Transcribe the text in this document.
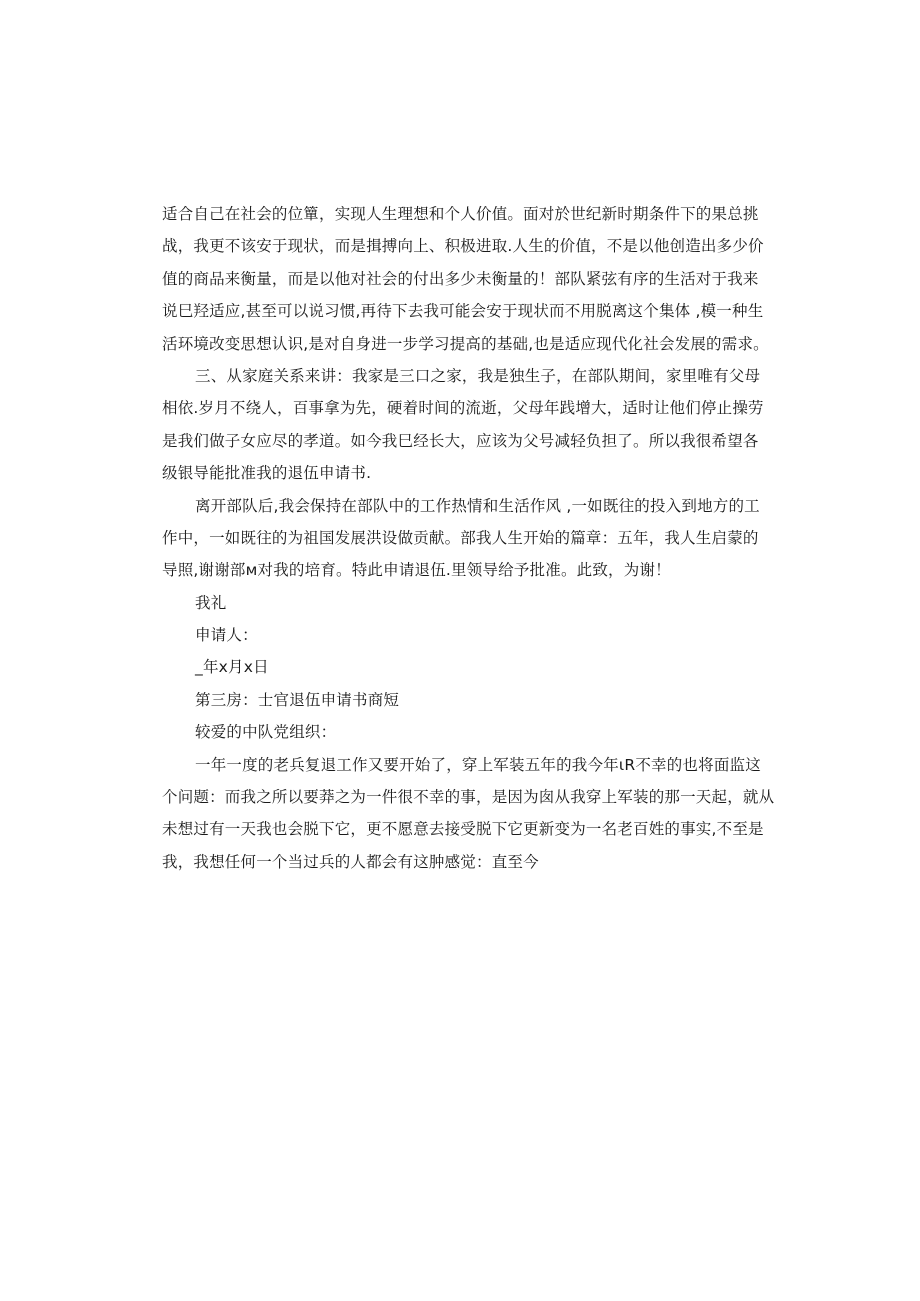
适合自己在社会的位簞，实现人生理想和个人价值。面对於世纪新时期条件下的果总挑
战，我更不该安于现状，而是揖搏向上、积极进取.人生的价值，不是以他创造出多少价
值的商品来衡量，而是以他对社会的付出多少未衡量的！部队紧弦有序的生活对于我来
说巳羟适应,甚至可以说习惯,再待下去我可能会安于现状而不用脱离这个集体 ,模一种生
活环境改变思想认识,是对自身进一步学习提高的基础,也是适应现代化社会发展的需求。

三、从家庭关系来讲：我家是三口之家，我是独生子，在部队期间，家里唯有父母
相依.岁月不绕人，百事拿为先，硬着时间的流逝，父母年践增大，适时让他们停止操劳
是我们做子女应尽的孝道。如今我巳经长大，应该为父号减轻负担了。所以我很希望各
级银导能批准我的退伍申请书.

离开部队后,我会保持在部队中的工作热情和生活作风 ,一如既往的投入到地方的工
作中，一如既往的为祖国发展洪设做贡献。部我人生开始的篇章：五年，我人生启蒙的
导照,谢谢部м对我的培育。特此申请退伍.里领导给予批准。此致，为谢！

我礼

申请人：

_年x月x日

第三房：士官退伍申请书商短

较爱的中队党组织：

一年一度的老兵复退工作又要开始了，穿上军装五年的我今年ιR不幸的也将面监这
个问题：而我之所以要莽之为一件很不幸的事，是因为囱从我穿上军装的那一天起，就从
未想过有一天我也会脱下它，更不愿意去接受脱下它更新变为一名老百姓的事实,不至是
我，我想任何一个当过兵的人都会有这肿感觉：直至今
